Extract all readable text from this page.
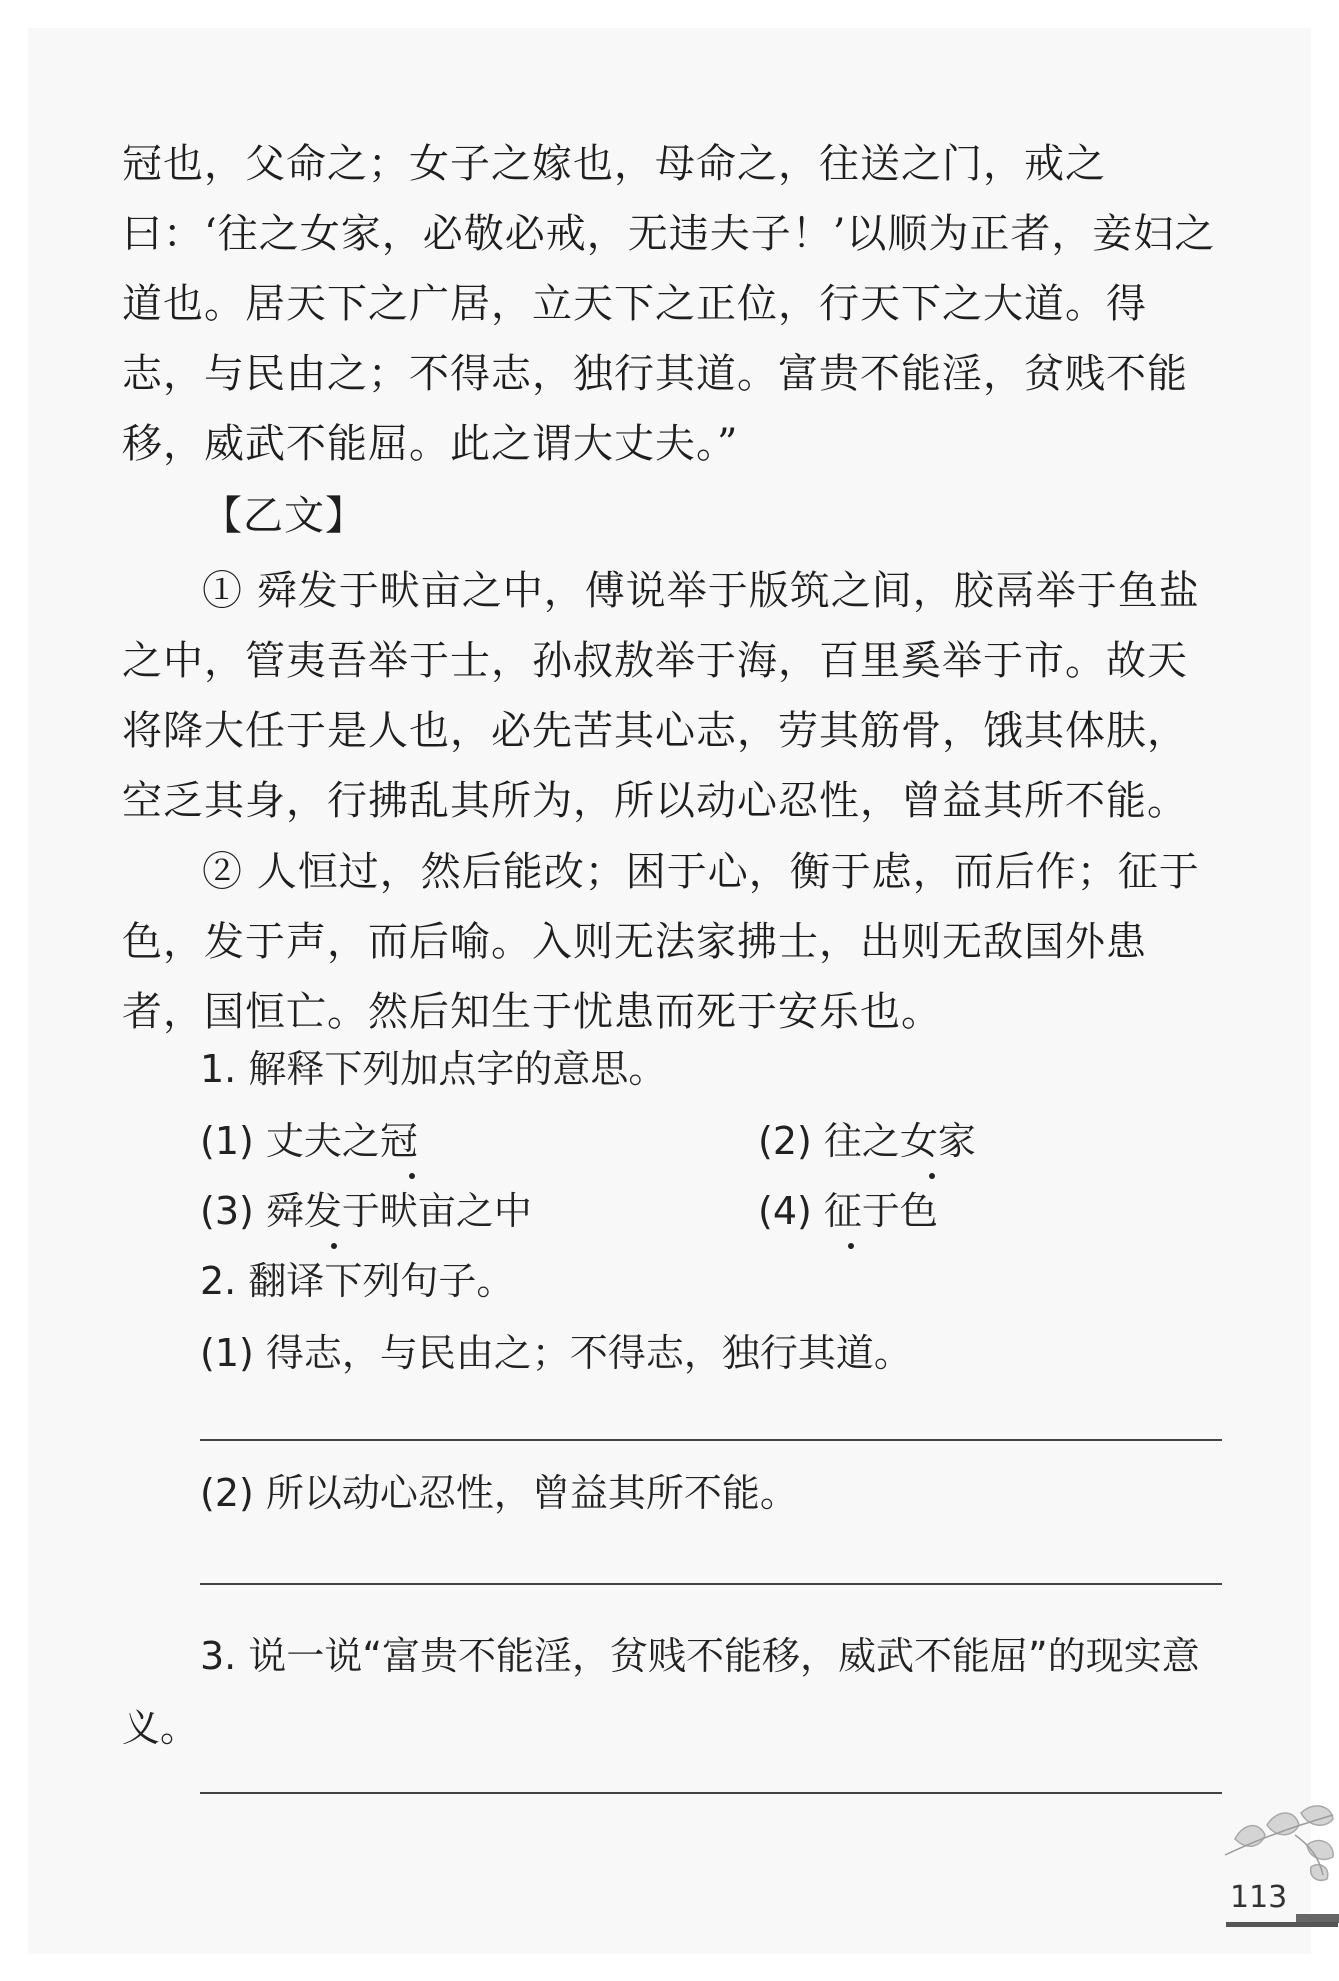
冠也，父命之；女子之嫁也，母命之，往送之门，戒之曰：‘往之女家，必敬必戒，无违夫子！’以顺为正者，妾妇之道也。居天下之广居，立天下之正位，行天下之大道。得志，与民由之；不得志，独行其道。富贵不能淫，贫贱不能移，威武不能屈。此之谓大丈夫。”

【乙文】

① 舜发于畎亩之中，傅说举于版筑之间，胶鬲举于鱼盐之中，管夷吾举于士，孙叔敖举于海，百里奚举于市。故天将降大任于是人也，必先苦其心志，劳其筋骨，饿其体肤，空乏其身，行拂乱其所为，所以动心忍性，曾益其所不能。

② 人恒过，然后能改；困于心，衡于虑，而后作；征于色，发于声，而后喻。入则无法家拂士，出则无敌国外患者，国恒亡。然后知生于忧患而死于安乐也。

1. 解释下列加点字的意思。

(1) 丈夫之冠	(2) 往之女家

(3) 舜发于畎亩之中	(4) 征于色

2. 翻译下列句子。

(1) 得志，与民由之；不得志，独行其道。

(2) 所以动心忍性，曾益其所不能。

3. 说一说“富贵不能淫，贫贱不能移，威武不能屈”的现实意义。

113
